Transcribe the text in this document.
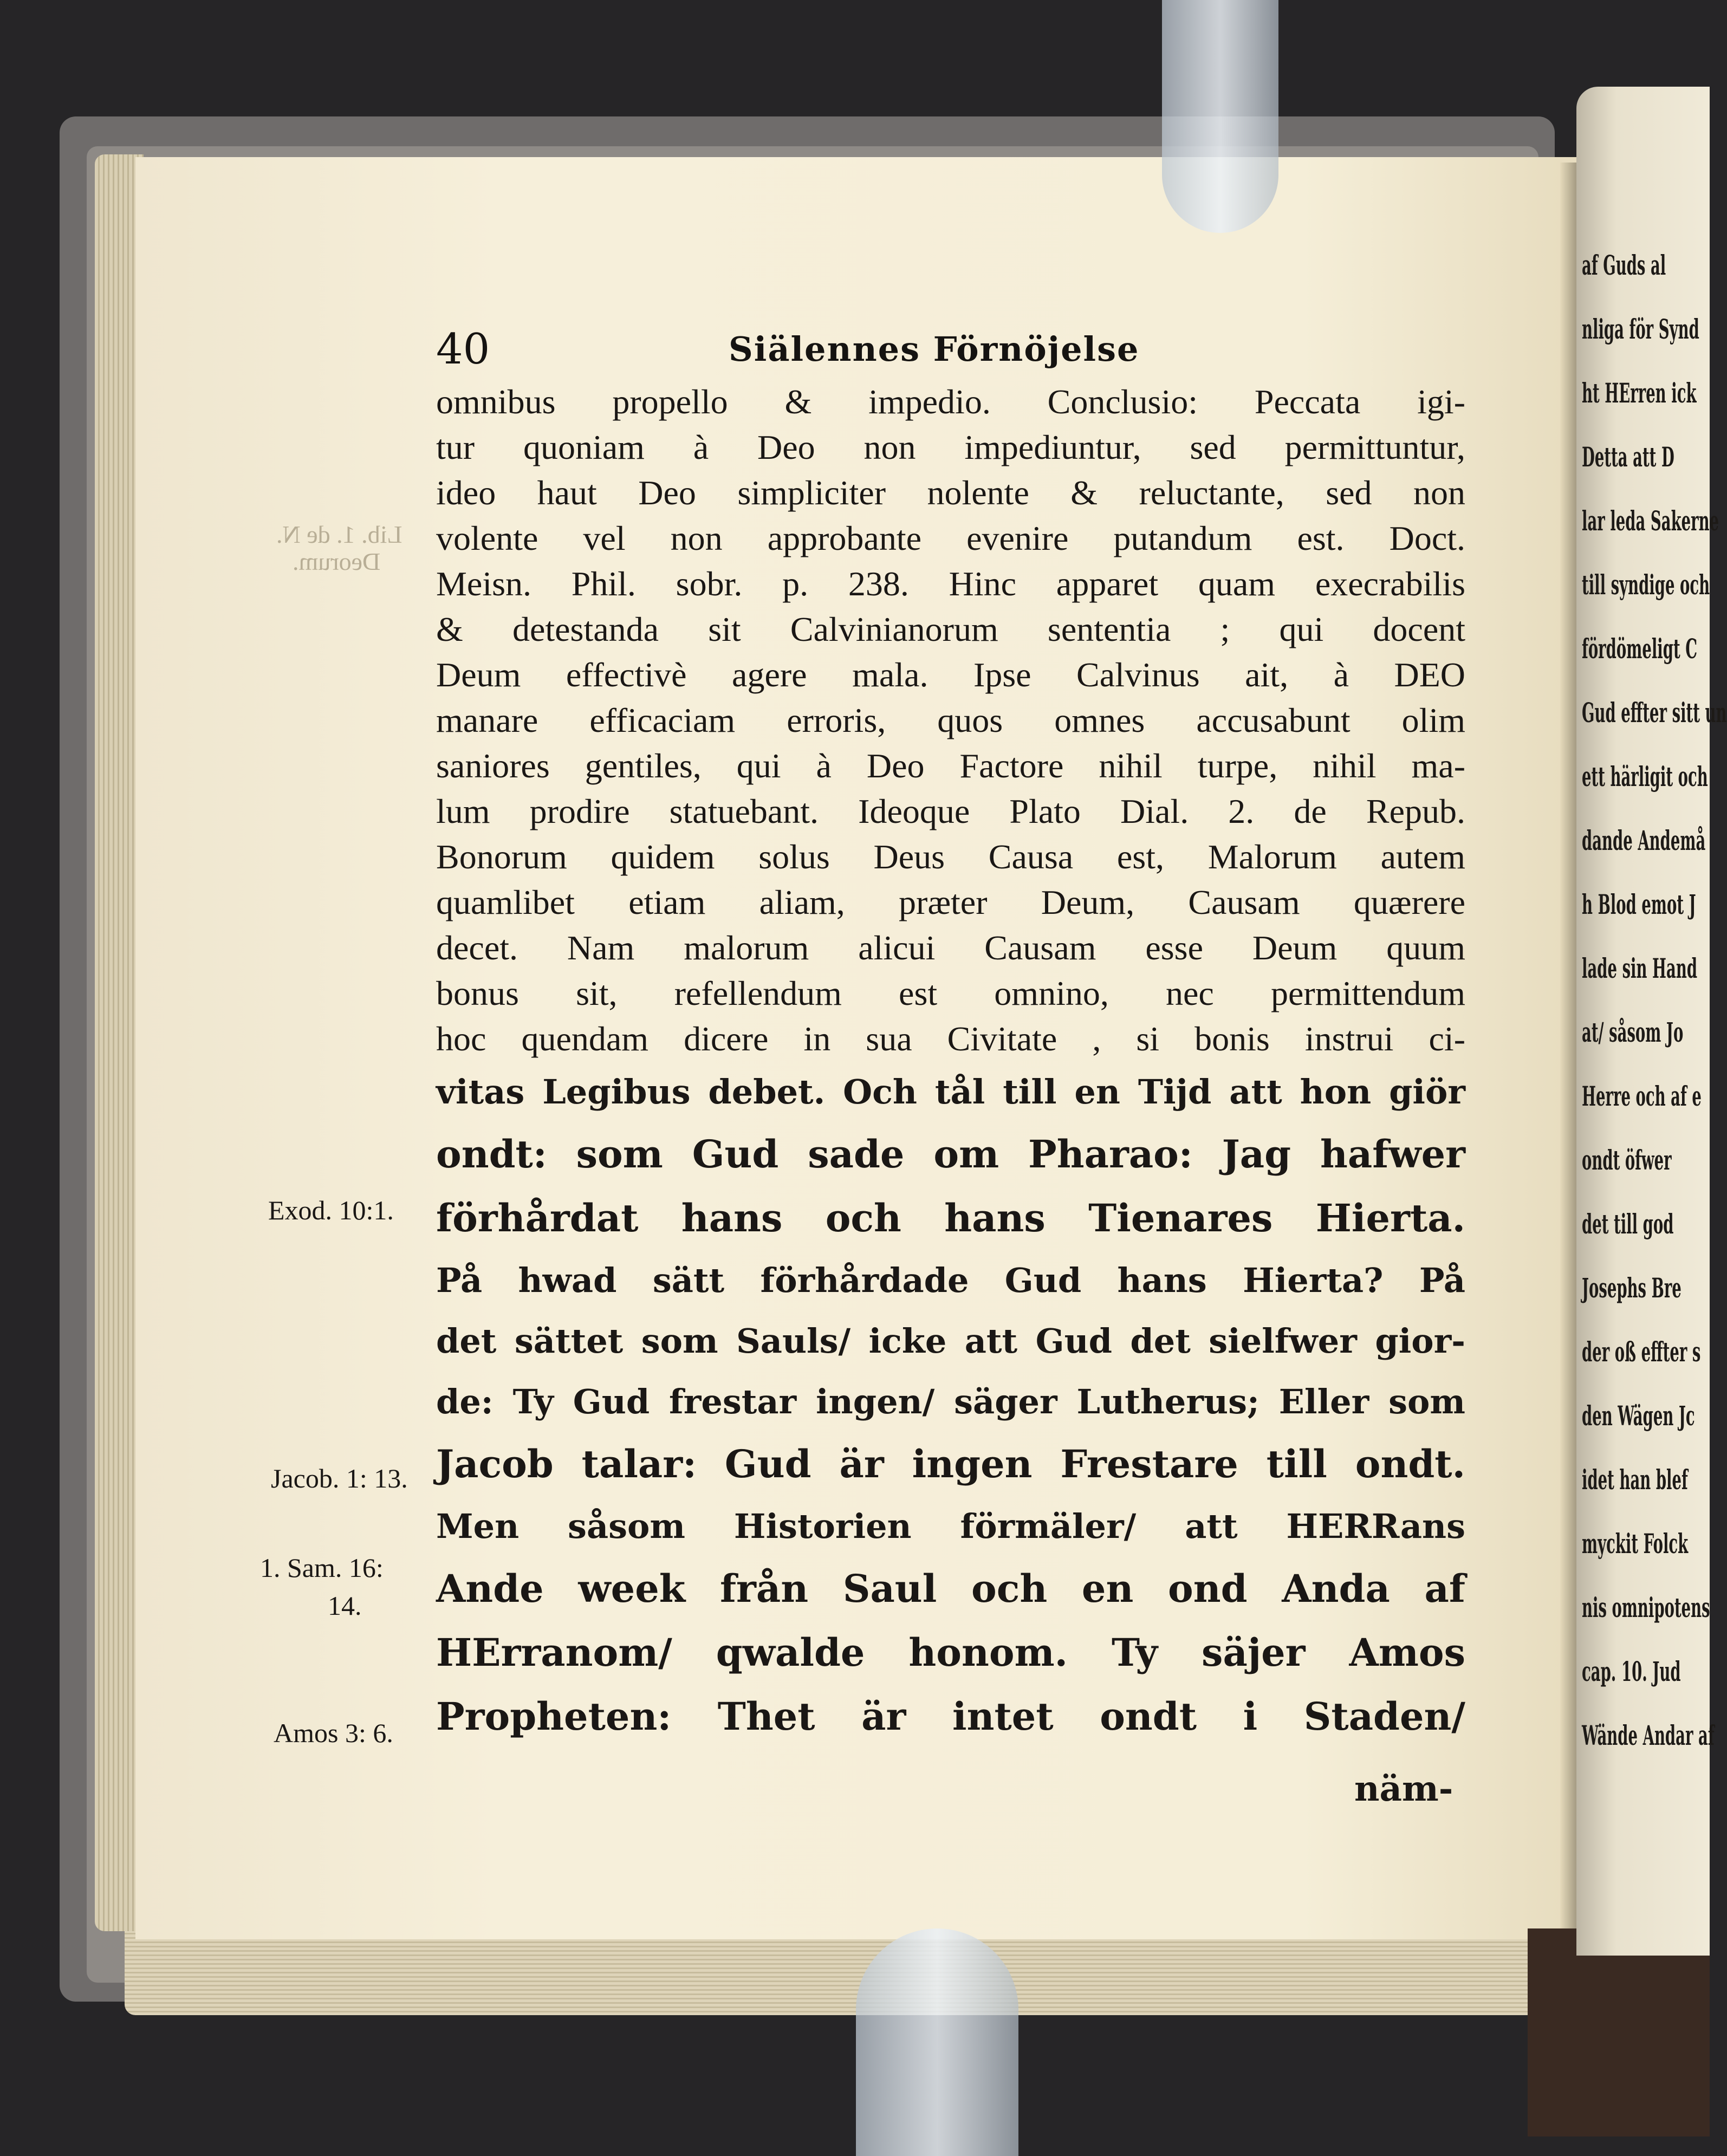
af Guds al
nliga för Synd
ht HErren ick
Detta att D
lar leda Sakerne
till syndige och
fördömeligt C
Gud effter sitt un
ett härligit och
dande Andemå
h Blod emot J
lade sin Hand
at/ såsom Jo
Herre och af e
ondt öfwer
det till god
Josephs Bre
der oß effter s
den Wägen Jc
idet han blef
myckit Folck
nis omnipotens
cap. 10. Jud
Wände Andar af
Lib. 1. de N.
Deorum.
40	Siälennes Förnöjelse
omnibus propello & impedio. Conclusio: Peccata igi-
tur quoniam à Deo non impediuntur, sed permittuntur,
ideo haut Deo simpliciter nolente & reluctante, sed non
volente vel non approbante evenire putandum est. Doct.
Meisn. Phil. sobr. p. 238. Hinc apparet quam execrabilis
& detestanda sit Calvinianorum sententia ; qui docent
Deum effectivè agere mala. Ipse Calvinus ait, à DEO
manare efficaciam erroris, quos omnes accusabunt olim
saniores gentiles, qui à Deo Factore nihil turpe, nihil ma-
lum prodire statuebant. Ideoque Plato Dial. 2. de Repub.
Bonorum quidem solus Deus Causa est, Malorum autem
quamlibet etiam aliam, præter Deum, Causam quærere
decet. Nam malorum alicui Causam esse Deum quum
bonus sit, refellendum est omnino, nec permittendum
hoc quendam dicere in sua Civitate , si bonis instrui ci-
vitas Legibus debet. Och tål till en Tijd att hon giör
ondt: som Gud sade om Pharao: Jag hafwer
förhårdat hans och hans Tienares Hierta.
På hwad sätt förhårdade Gud hans Hierta? På
det sättet som Sauls/ icke att Gud det sielfwer gior-
de: Ty Gud frestar ingen/ säger Lutherus; Eller som
Jacob talar: Gud är ingen Frestare till ondt.
Men såsom Historien förmäler/ att HERRans
Ande week från Saul och en ond Anda af
HErranom/ qwalde honom. Ty säjer Amos
Propheten: Thet är intet ondt i Staden/
näm-
Exod. 10:1.
Jacob. 1: 13.
1. Sam. 16:
14.
Amos 3: 6.
